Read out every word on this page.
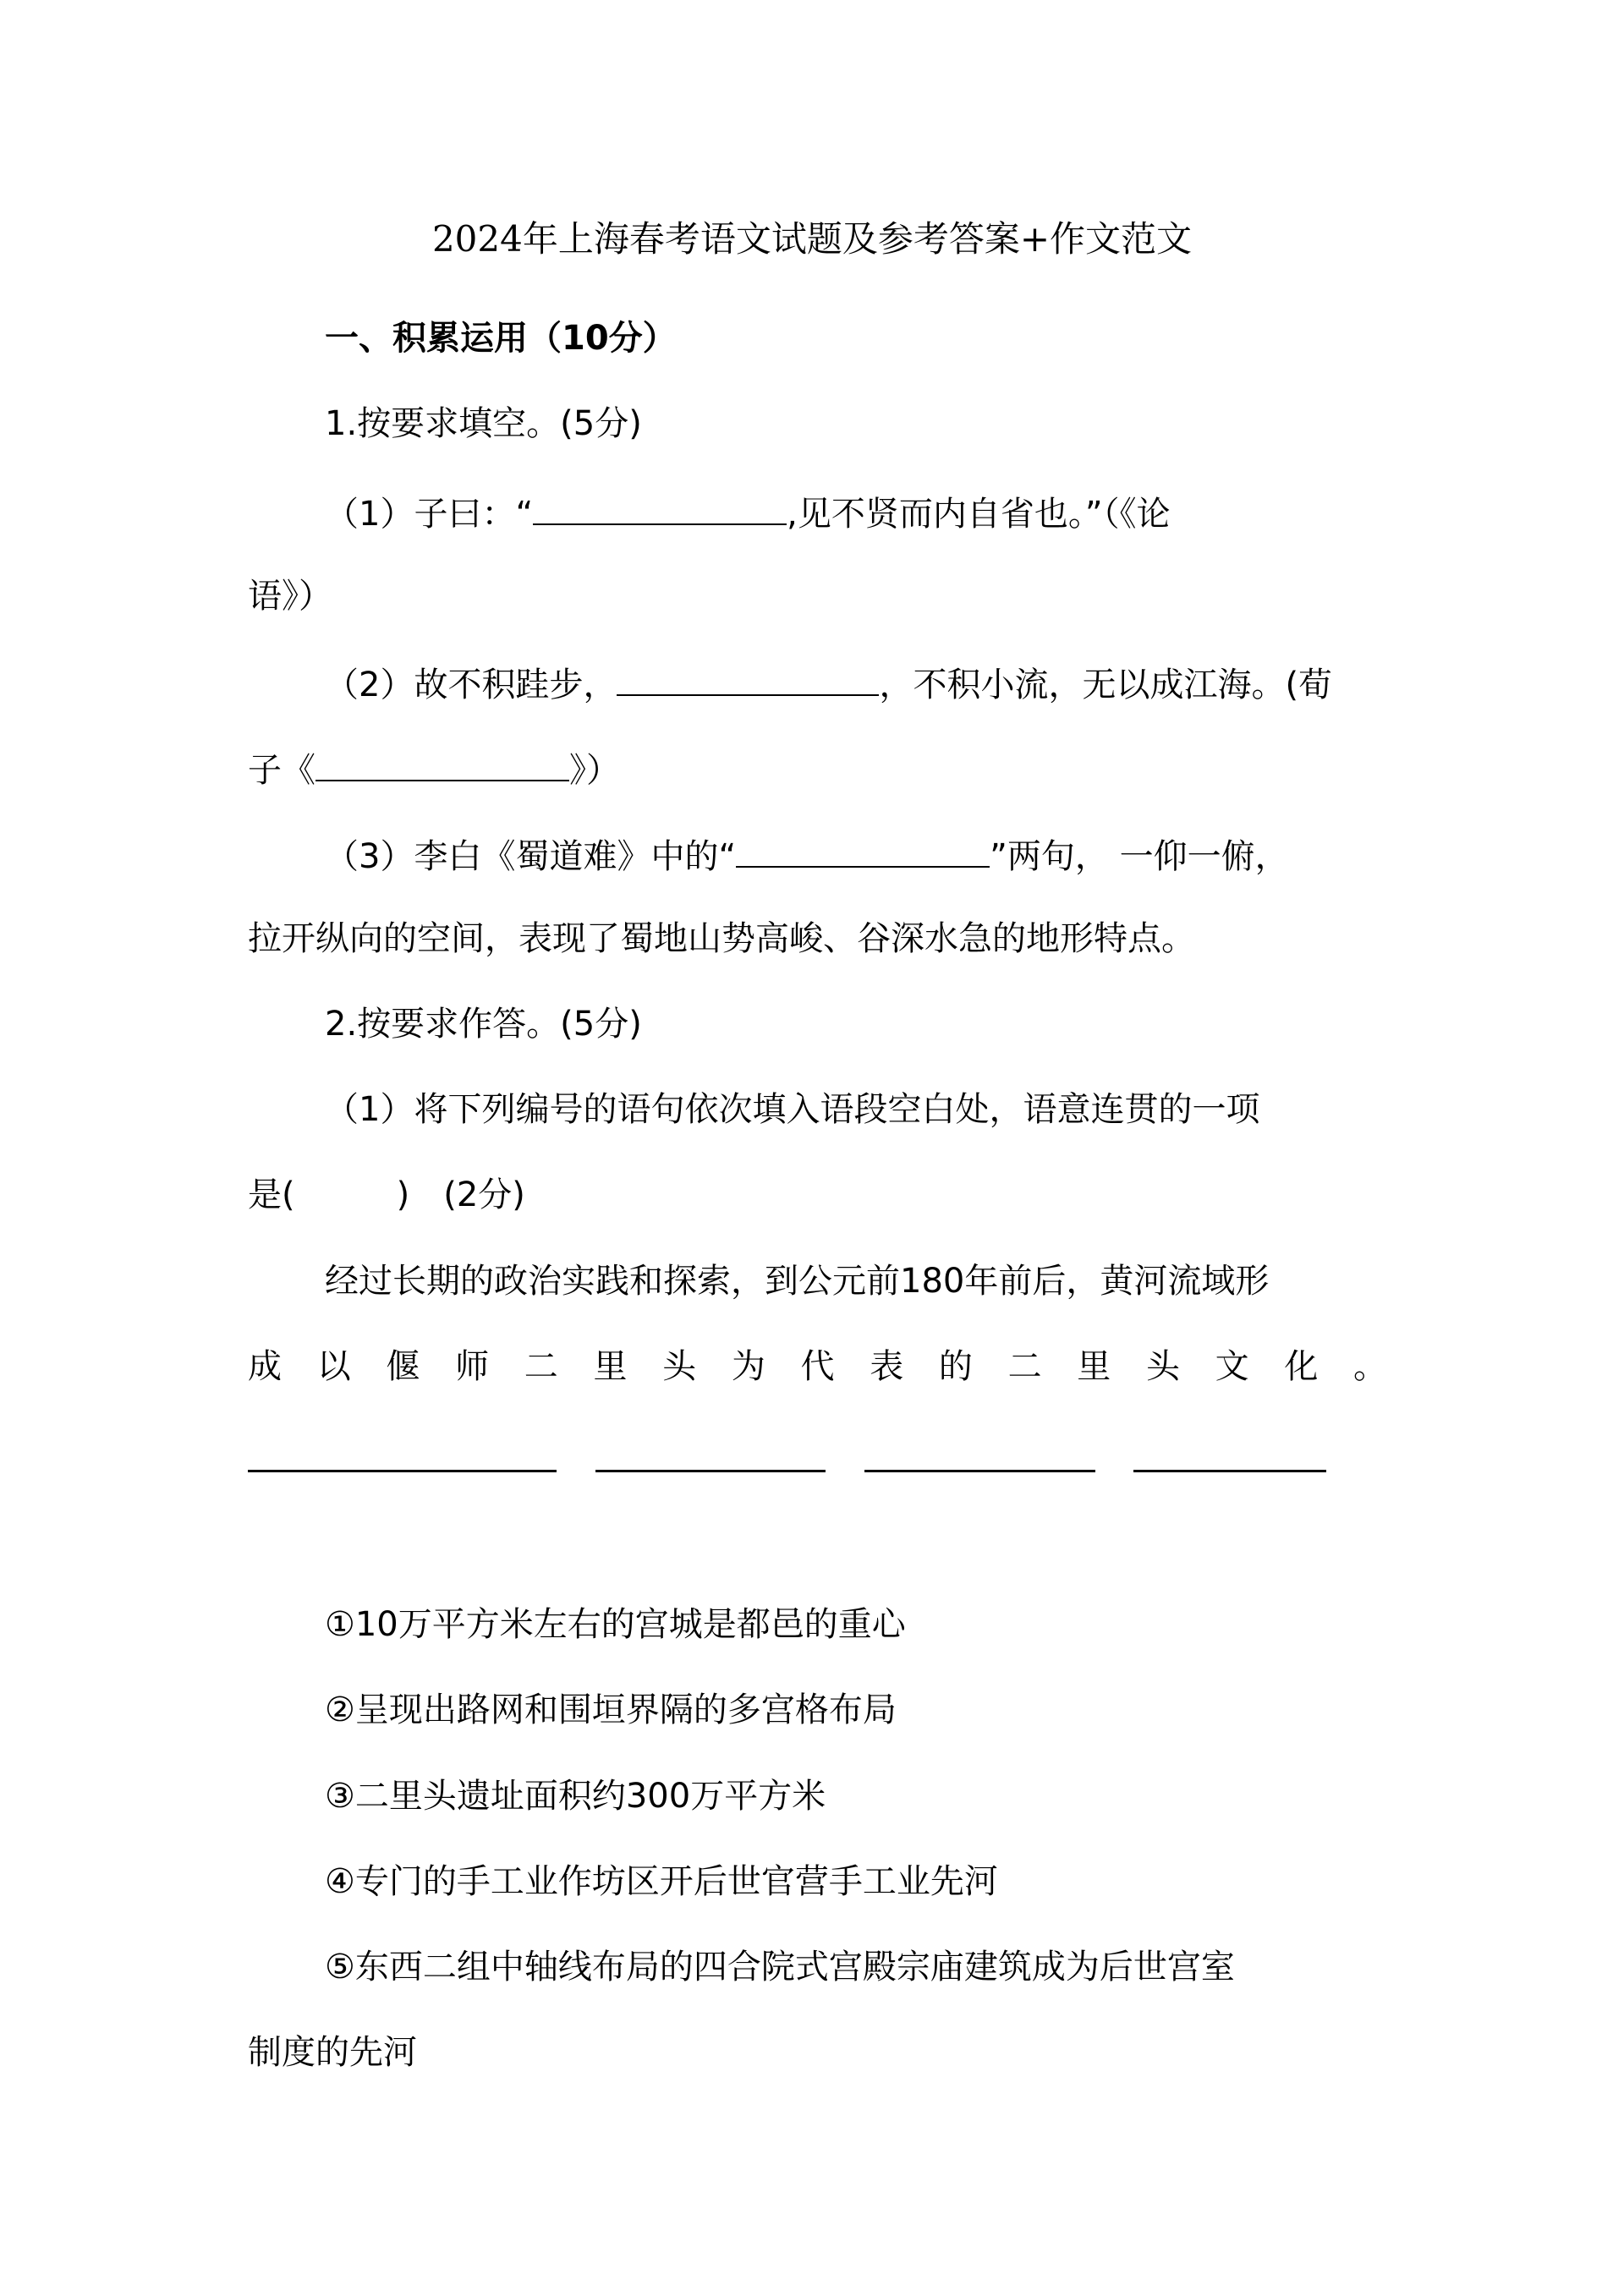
2024年上海春考语文试题及参考答案+作文范文
一、积累运用（10分）
1.按要求填空。(5分)
（1）子曰：“	,见不贤而内自省也。”（《论
语》）
（2）故不积跬步，	，不积小流，无以成江海。(荀
子《	》）
（3）李白《蜀道难》中的“	”两句， 一仰一俯，
拉开纵向的空间，表现了蜀地山势高峻、谷深水急的地形特点。
2.按要求作答。(5分)
（1）将下列编号的语句依次填入语段空白处，语意连贯的一项
是(　　　)　(2分)
经过长期的政治实践和探索，到公元前180年前后，黄河流域形
成 以 偃 师 二 里 头 为 代 表 的 二 里 头 文 化 。
①10万平方米左右的宫城是都邑的重心
②呈现出路网和围垣界隔的多宫格布局
③二里头遗址面积约300万平方米
④专门的手工业作坊区开后世官营手工业先河
⑤东西二组中轴线布局的四合院式宫殿宗庙建筑成为后世宫室
制度的先河
